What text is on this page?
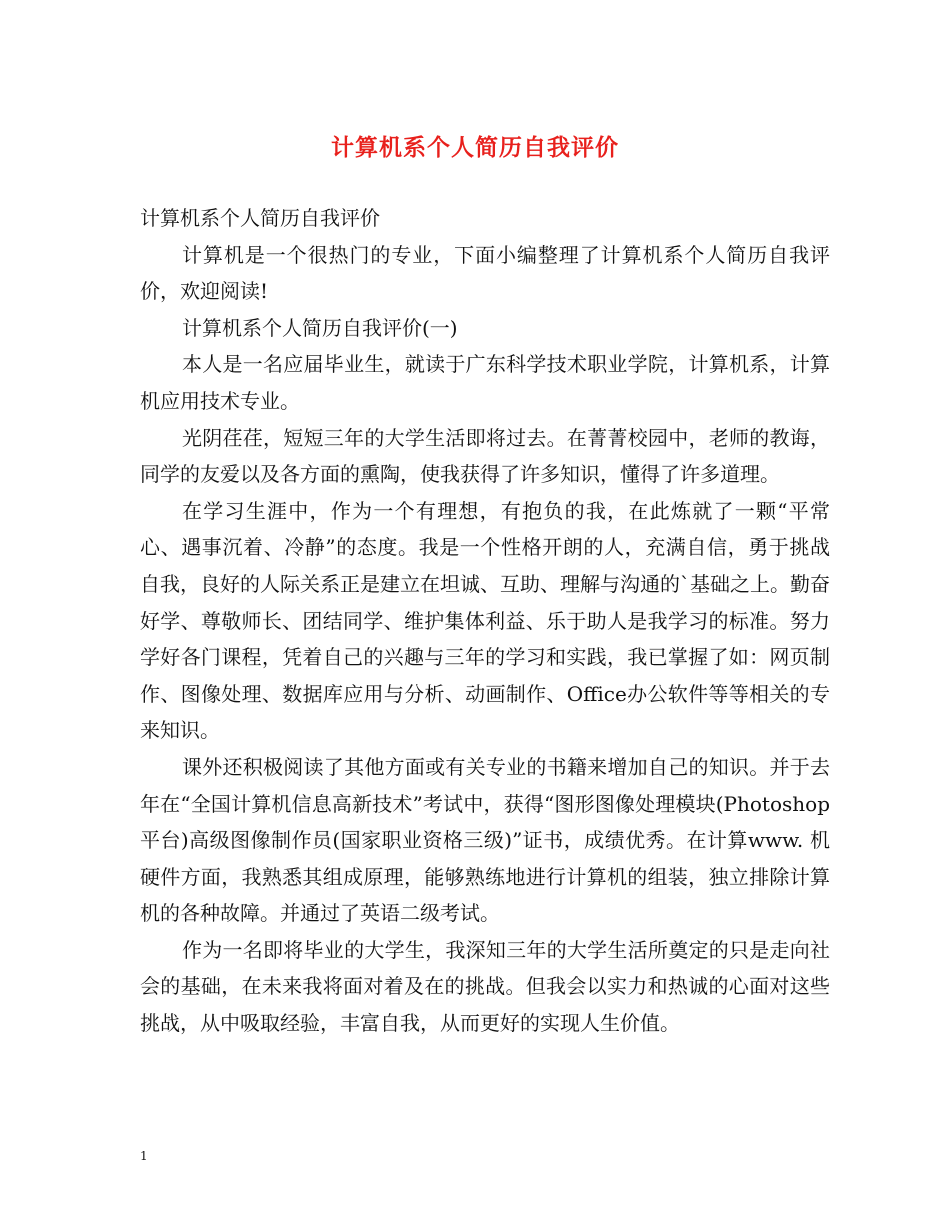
计算机系个人简历自我评价

计算机系个人简历自我评价

计算机是一个很热门的专业，下面小编整理了计算机系个人简历自我评价，欢迎阅读!

计算机系个人简历自我评价(一)

本人是一名应届毕业生，就读于广东科学技术职业学院，计算机系，计算机应用技术专业。

光阴荏荏，短短三年的大学生活即将过去。在菁菁校园中，老师的教诲，同学的友爱以及各方面的熏陶，使我获得了许多知识，懂得了许多道理。

在学习生涯中，作为一个有理想，有抱负的我，在此炼就了一颗“平常心、遇事沉着、冷静”的态度。我是一个性格开朗的人，充满自信，勇于挑战自我，良好的人际关系正是建立在坦诚、互助、理解与沟通的`基础之上。勤奋好学、尊敬师长、团结同学、维护集体利益、乐于助人是我学习的标准。努力学好各门课程，凭着自己的兴趣与三年的学习和实践，我已掌握了如：网页制作、图像处理、数据库应用与分析、动画制作、Office办公软件等等相关的专来知识。

课外还积极阅读了其他方面或有关专业的书籍来增加自己的知识。并于去年在“全国计算机信息高新技术”考试中，获得“图形图像处理模块(Photoshop平台)高级图像制作员(国家职业资格三级)”证书，成绩优秀。在计算www. 机硬件方面，我熟悉其组成原理，能够熟练地进行计算机的组装，独立排除计算机的各种故障。并通过了英语二级考试。

作为一名即将毕业的大学生，我深知三年的大学生活所奠定的只是走向社会的基础，在未来我将面对着及在的挑战。但我会以实力和热诚的心面对这些挑战，从中吸取经验，丰富自我，从而更好的实现人生价值。

1
